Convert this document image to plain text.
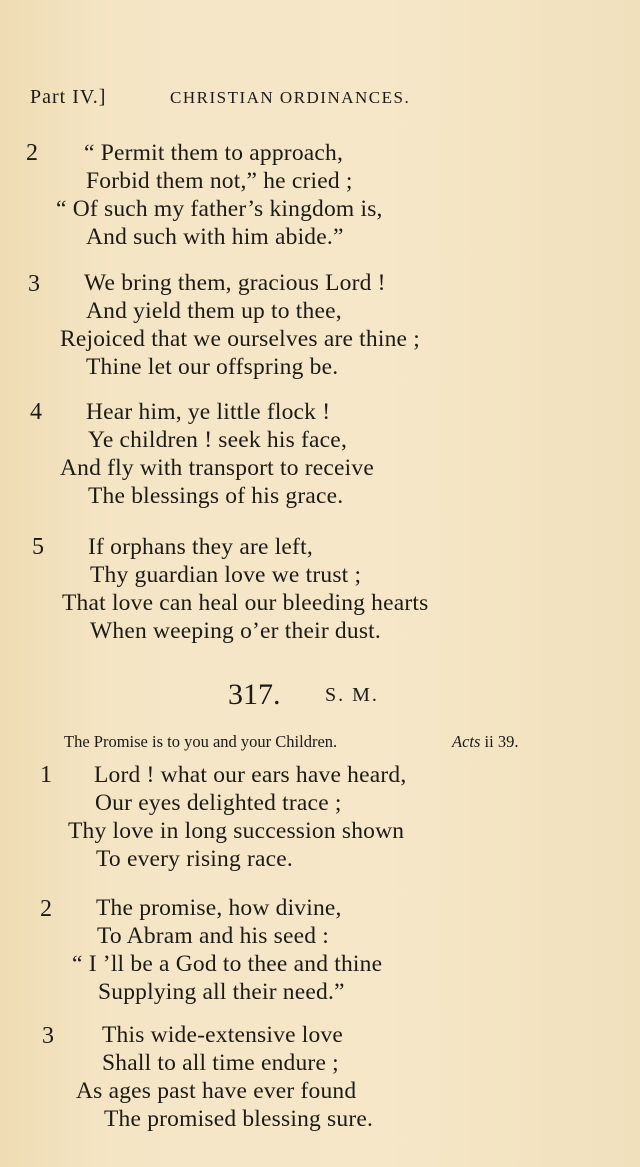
Part IV.]	CHRISTIAN ORDINANCES.
2 “ Permit them to approach,
Forbid them not,” he cried ;
“ Of such my father’s kingdom is,
And such with him abide.”
3 We bring them, gracious Lord !
And yield them up to thee,
Rejoiced that we ourselves are thine ;
Thine let our offspring be.
4 Hear him, ye little flock !
Ye children ! seek his face,
And fly with transport to receive
The blessings of his grace.
5 If orphans they are left,
Thy guardian love we trust ;
That love can heal our bleeding hearts
When weeping o’er their dust.
317. S. M.
The Promise is to you and your Children.	Acts ii 39.
1 Lord ! what our ears have heard,
Our eyes delighted trace ;
Thy love in long succession shown
To every rising race.
2 The promise, how divine,
To Abram and his seed :
“ I ’ll be a God to thee and thine
Supplying all their need.”
3 This wide-extensive love
Shall to all time endure ;
As ages past have ever found
The promised blessing sure.
